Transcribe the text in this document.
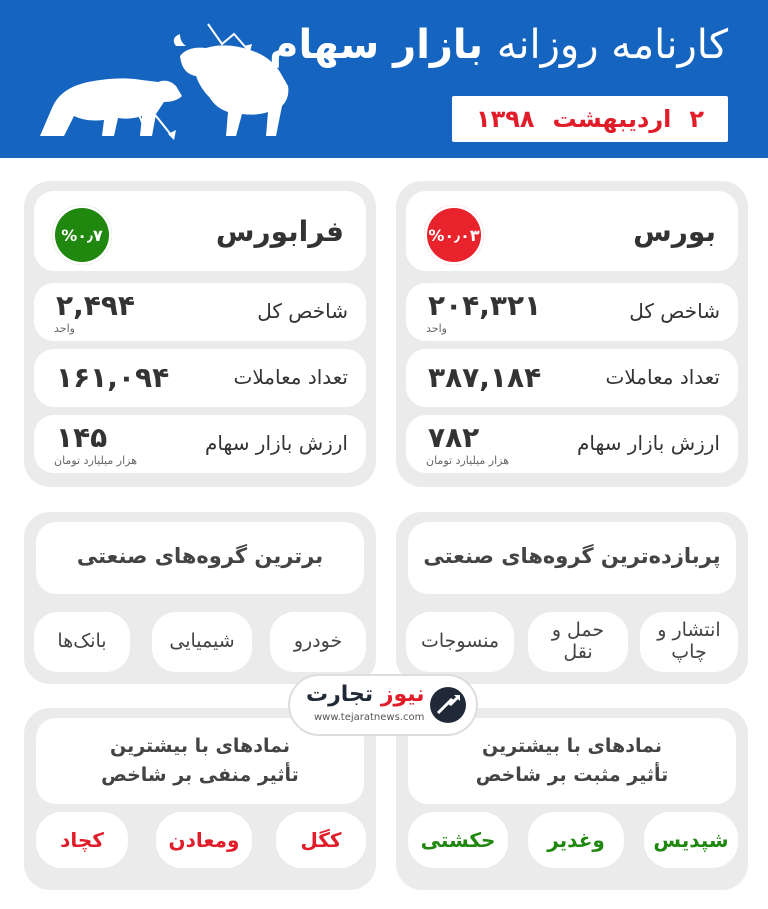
کارنامه روزانه بازار سهام
۲
اردیبهشت
۱۳۹۸
بورس
%۰٫۰۳
شاخص کل
۲۰۴,۳۲۱
واحد
تعداد معاملات
۳۸۷,۱۸۴
ارزش بازار سهام
۷۸۲
هزار میلیارد تومان
فرابورس
%۰٫۷
شاخص کل
۲,۴۹۴
واحد
تعداد معاملات
۱۶۱,۰۹۴
ارزش بازار سهام
۱۴۵
هزار میلیارد تومان
پربازده‌ترین گروه‌های صنعتی
انتشار و چاپ
حمل و نقل
منسوجات
برترین گروه‌های صنعتی
خودرو
شیمیایی
بانک‌ها
نمادهای با بیشترین
تأثیر مثبت بر شاخص
شپدیس
وغدیر
حکشتی
نمادهای با بیشترین
تأثیر منفی بر شاخص
کگل
ومعادن
کچاد
نیوز تجارت
www.tejaratnews.com
